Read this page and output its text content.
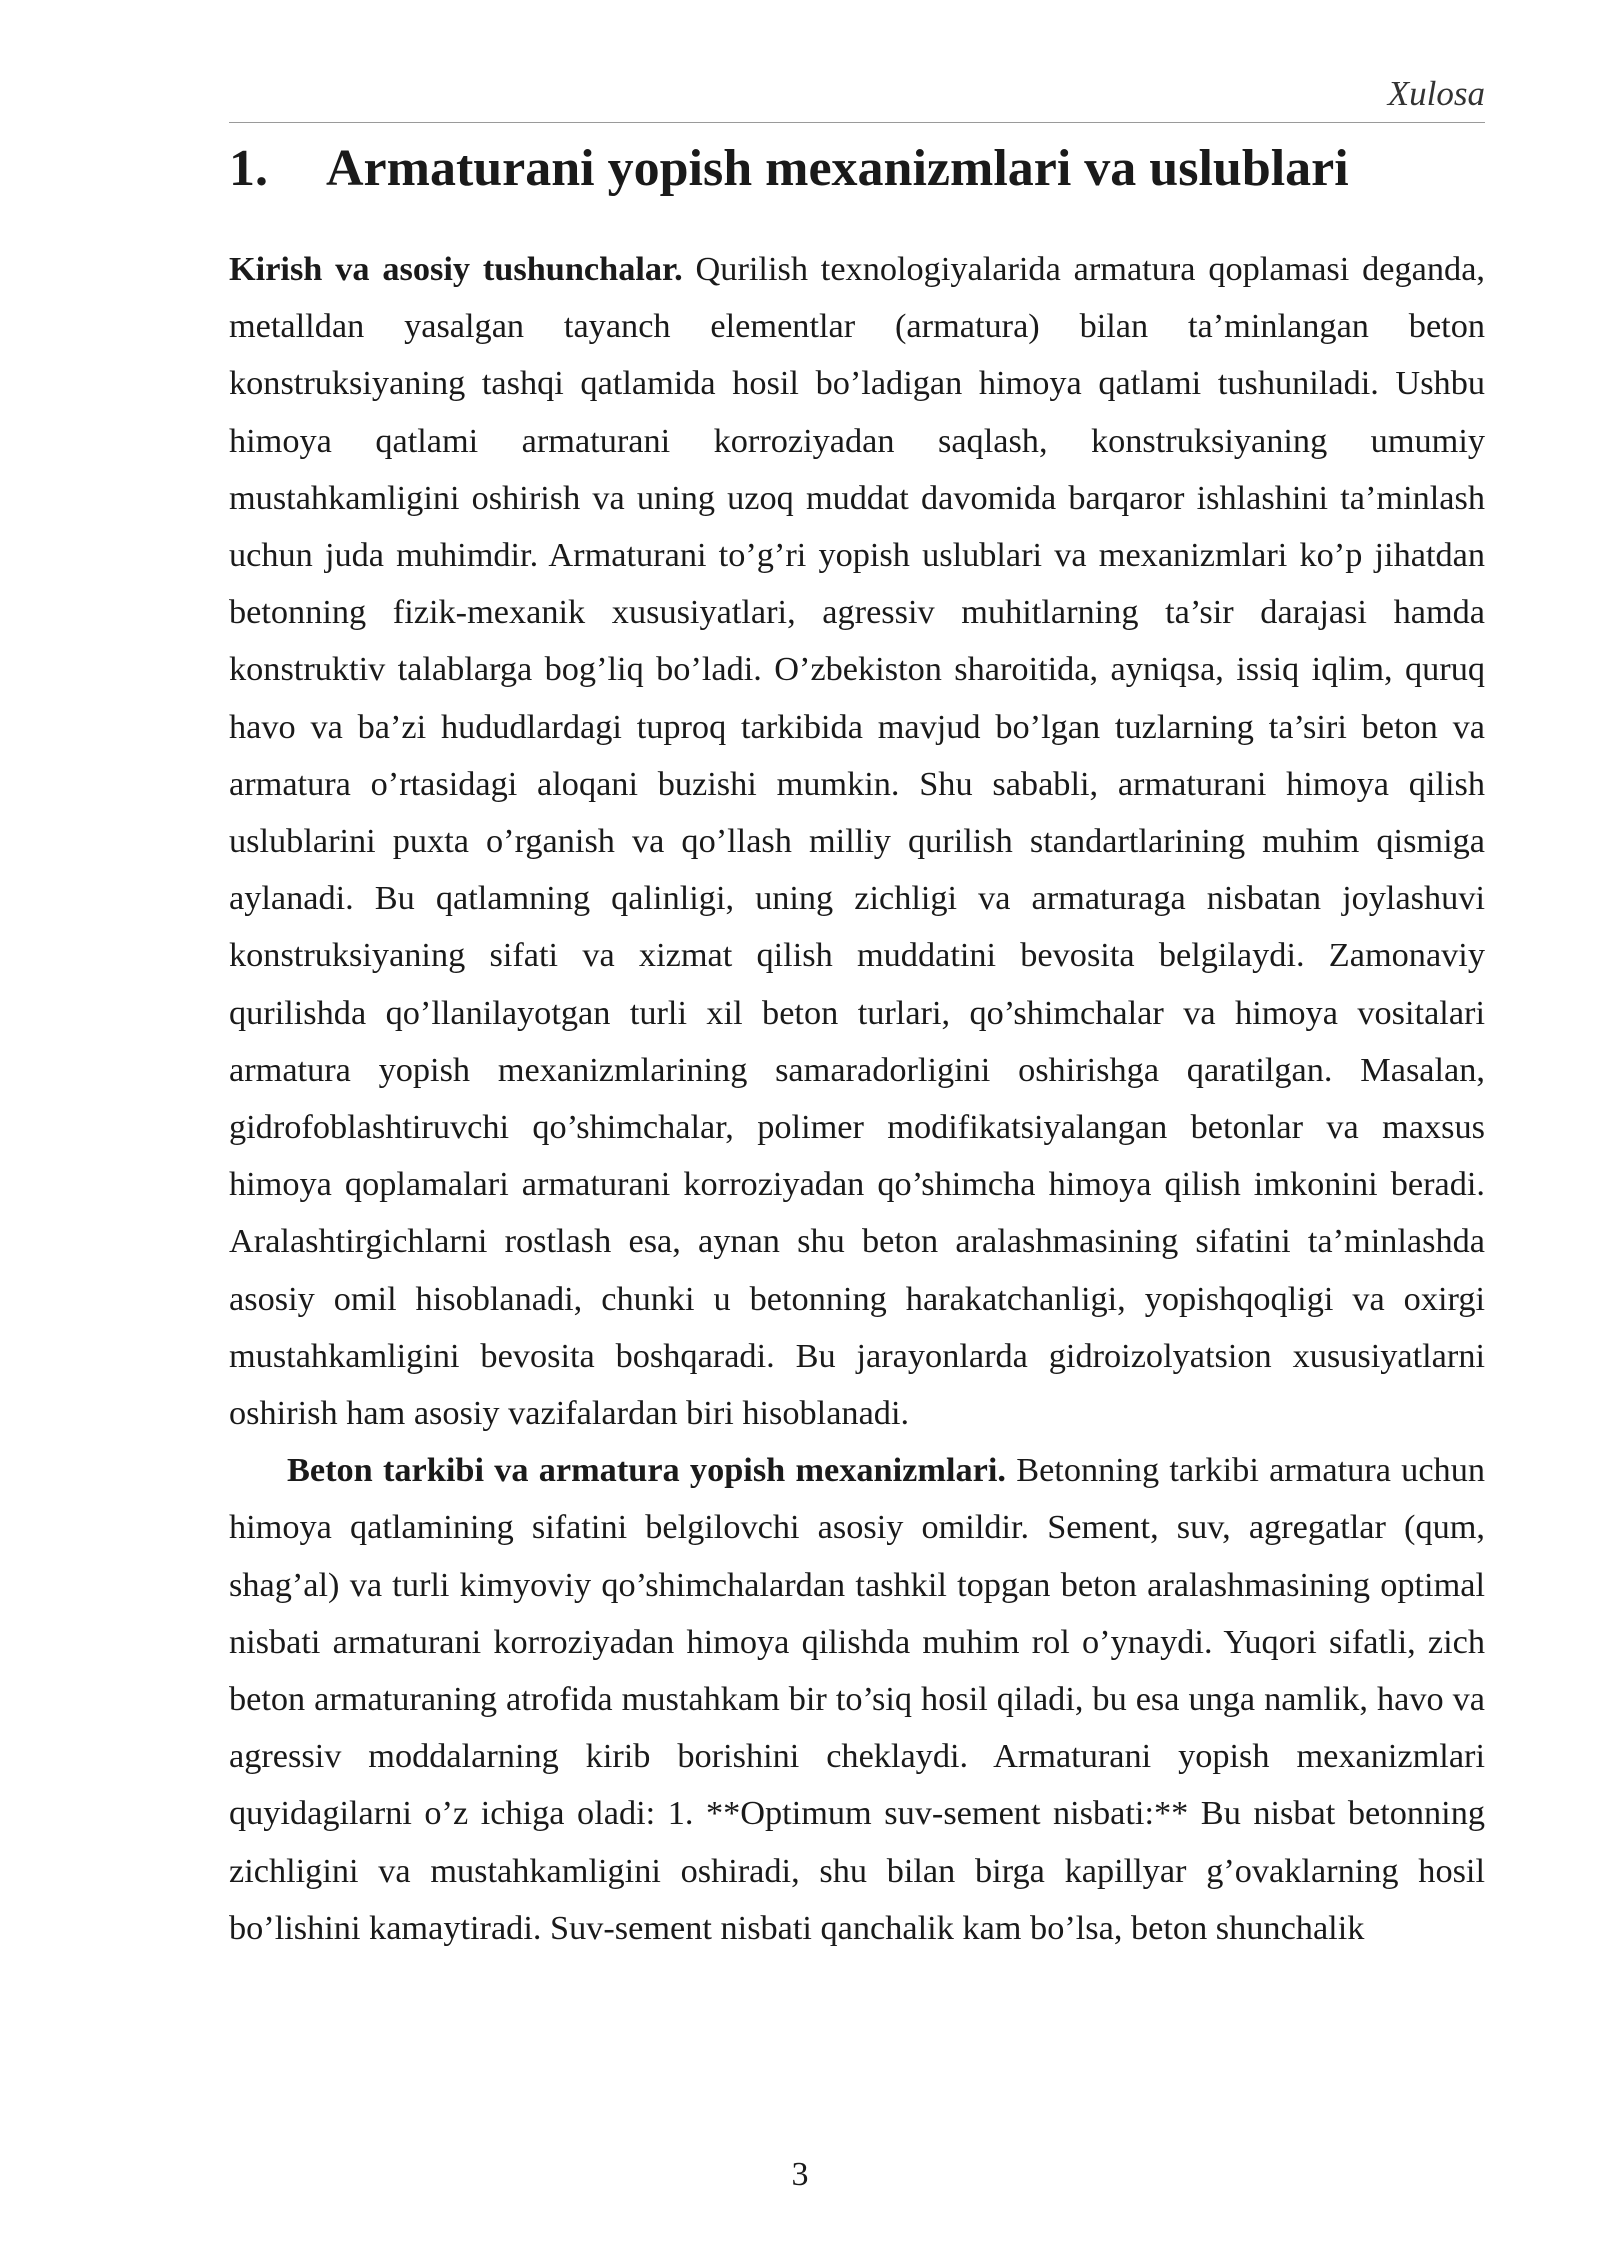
Xulosa
1. Armaturani yopish mexanizmlari va uslublari

Kirish va asosiy tushunchalar. Qurilish texnologiyalarida armatura qoplamasi deganda, metalldan yasalgan tayanch elementlar (armatura) bilan ta’minlangan beton konstruksiyaning tashqi qatlamida hosil bo’ladigan himoya qatlami tushuniladi. Ushbu himoya qatlami armaturani korroziyadan saqlash, konstruksiyaning umumiy mustahkamligini oshirish va uning uzoq muddat davomida barqaror ishlashini ta’minlash uchun juda muhimdir. Armaturani to’g’ri yopish uslublari va mexanizmlari ko’p jihatdan betonning fizik-mexanik xususiyatlari, agressiv muhitlarning ta’sir darajasi hamda konstruktiv talablarga bog’liq bo’ladi. O’zbekiston sharoitida, ayniqsa, issiq iqlim, quruq havo va ba’zi hududlardagi tuproq tarkibida mavjud bo’lgan tuzlarning ta’siri beton va armatura o’rtasidagi aloqani buzishi mumkin. Shu sababli, armaturani himoya qilish uslublarini puxta o’rganish va qo’llash milliy qurilish standartlarining muhim qismiga aylanadi. Bu qatlamning qalinligi, uning zichligi va armaturaga nisbatan joylashuvi konstruksiyaning sifati va xizmat qilish muddatini bevosita belgilaydi. Zamonaviy qurilishda qo’llanilayotgan turli xil beton turlari, qo’shimchalar va himoya vositalari armatura yopish mexanizmlarining samaradorligini oshirishga qaratilgan. Masalan, gidrofoblashtiruvchi qo’shimchalar, polimer modifikatsiyalangan betonlar va maxsus himoya qoplamalari armaturani korroziyadan qo’shimcha himoya qilish imkonini beradi. Aralashtirgichlarni rostlash esa, aynan shu beton aralashmasining sifatini ta’minlashda asosiy omil hisoblanadi, chunki u betonning harakatchanligi, yopishqoqligi va oxirgi mustahkamligini bevosita boshqaradi. Bu jarayonlarda gidroizolyatsion xususiyatlarni oshirish ham asosiy vazifalardan biri hisoblanadi.

Beton tarkibi va armatura yopish mexanizmlari. Betonning tarkibi armatura uchun himoya qatlamining sifatini belgilovchi asosiy omildir. Sement, suv, agregatlar (qum, shag’al) va turli kimyoviy qo’shimchalardan tashkil topgan beton aralashmasining optimal nisbati armaturani korroziyadan himoya qilishda muhim rol o’ynaydi. Yuqori sifatli, zich beton armaturaning atrofida mustahkam bir to’siq hosil qiladi, bu esa unga namlik, havo va agressiv moddalarning kirib borishini cheklaydi. Armaturani yopish mexanizmlari quyidagilarni o’z ichiga oladi: 1. **Optimum suv-sement nisbati:** Bu nisbat betonning zichligini va mustahkamligini oshiradi, shu bilan birga kapillyar g’ovaklarning hosil bo’lishini kamaytiradi. Suv-sement nisbati qanchalik kam bo’lsa, beton shunchalik

3
